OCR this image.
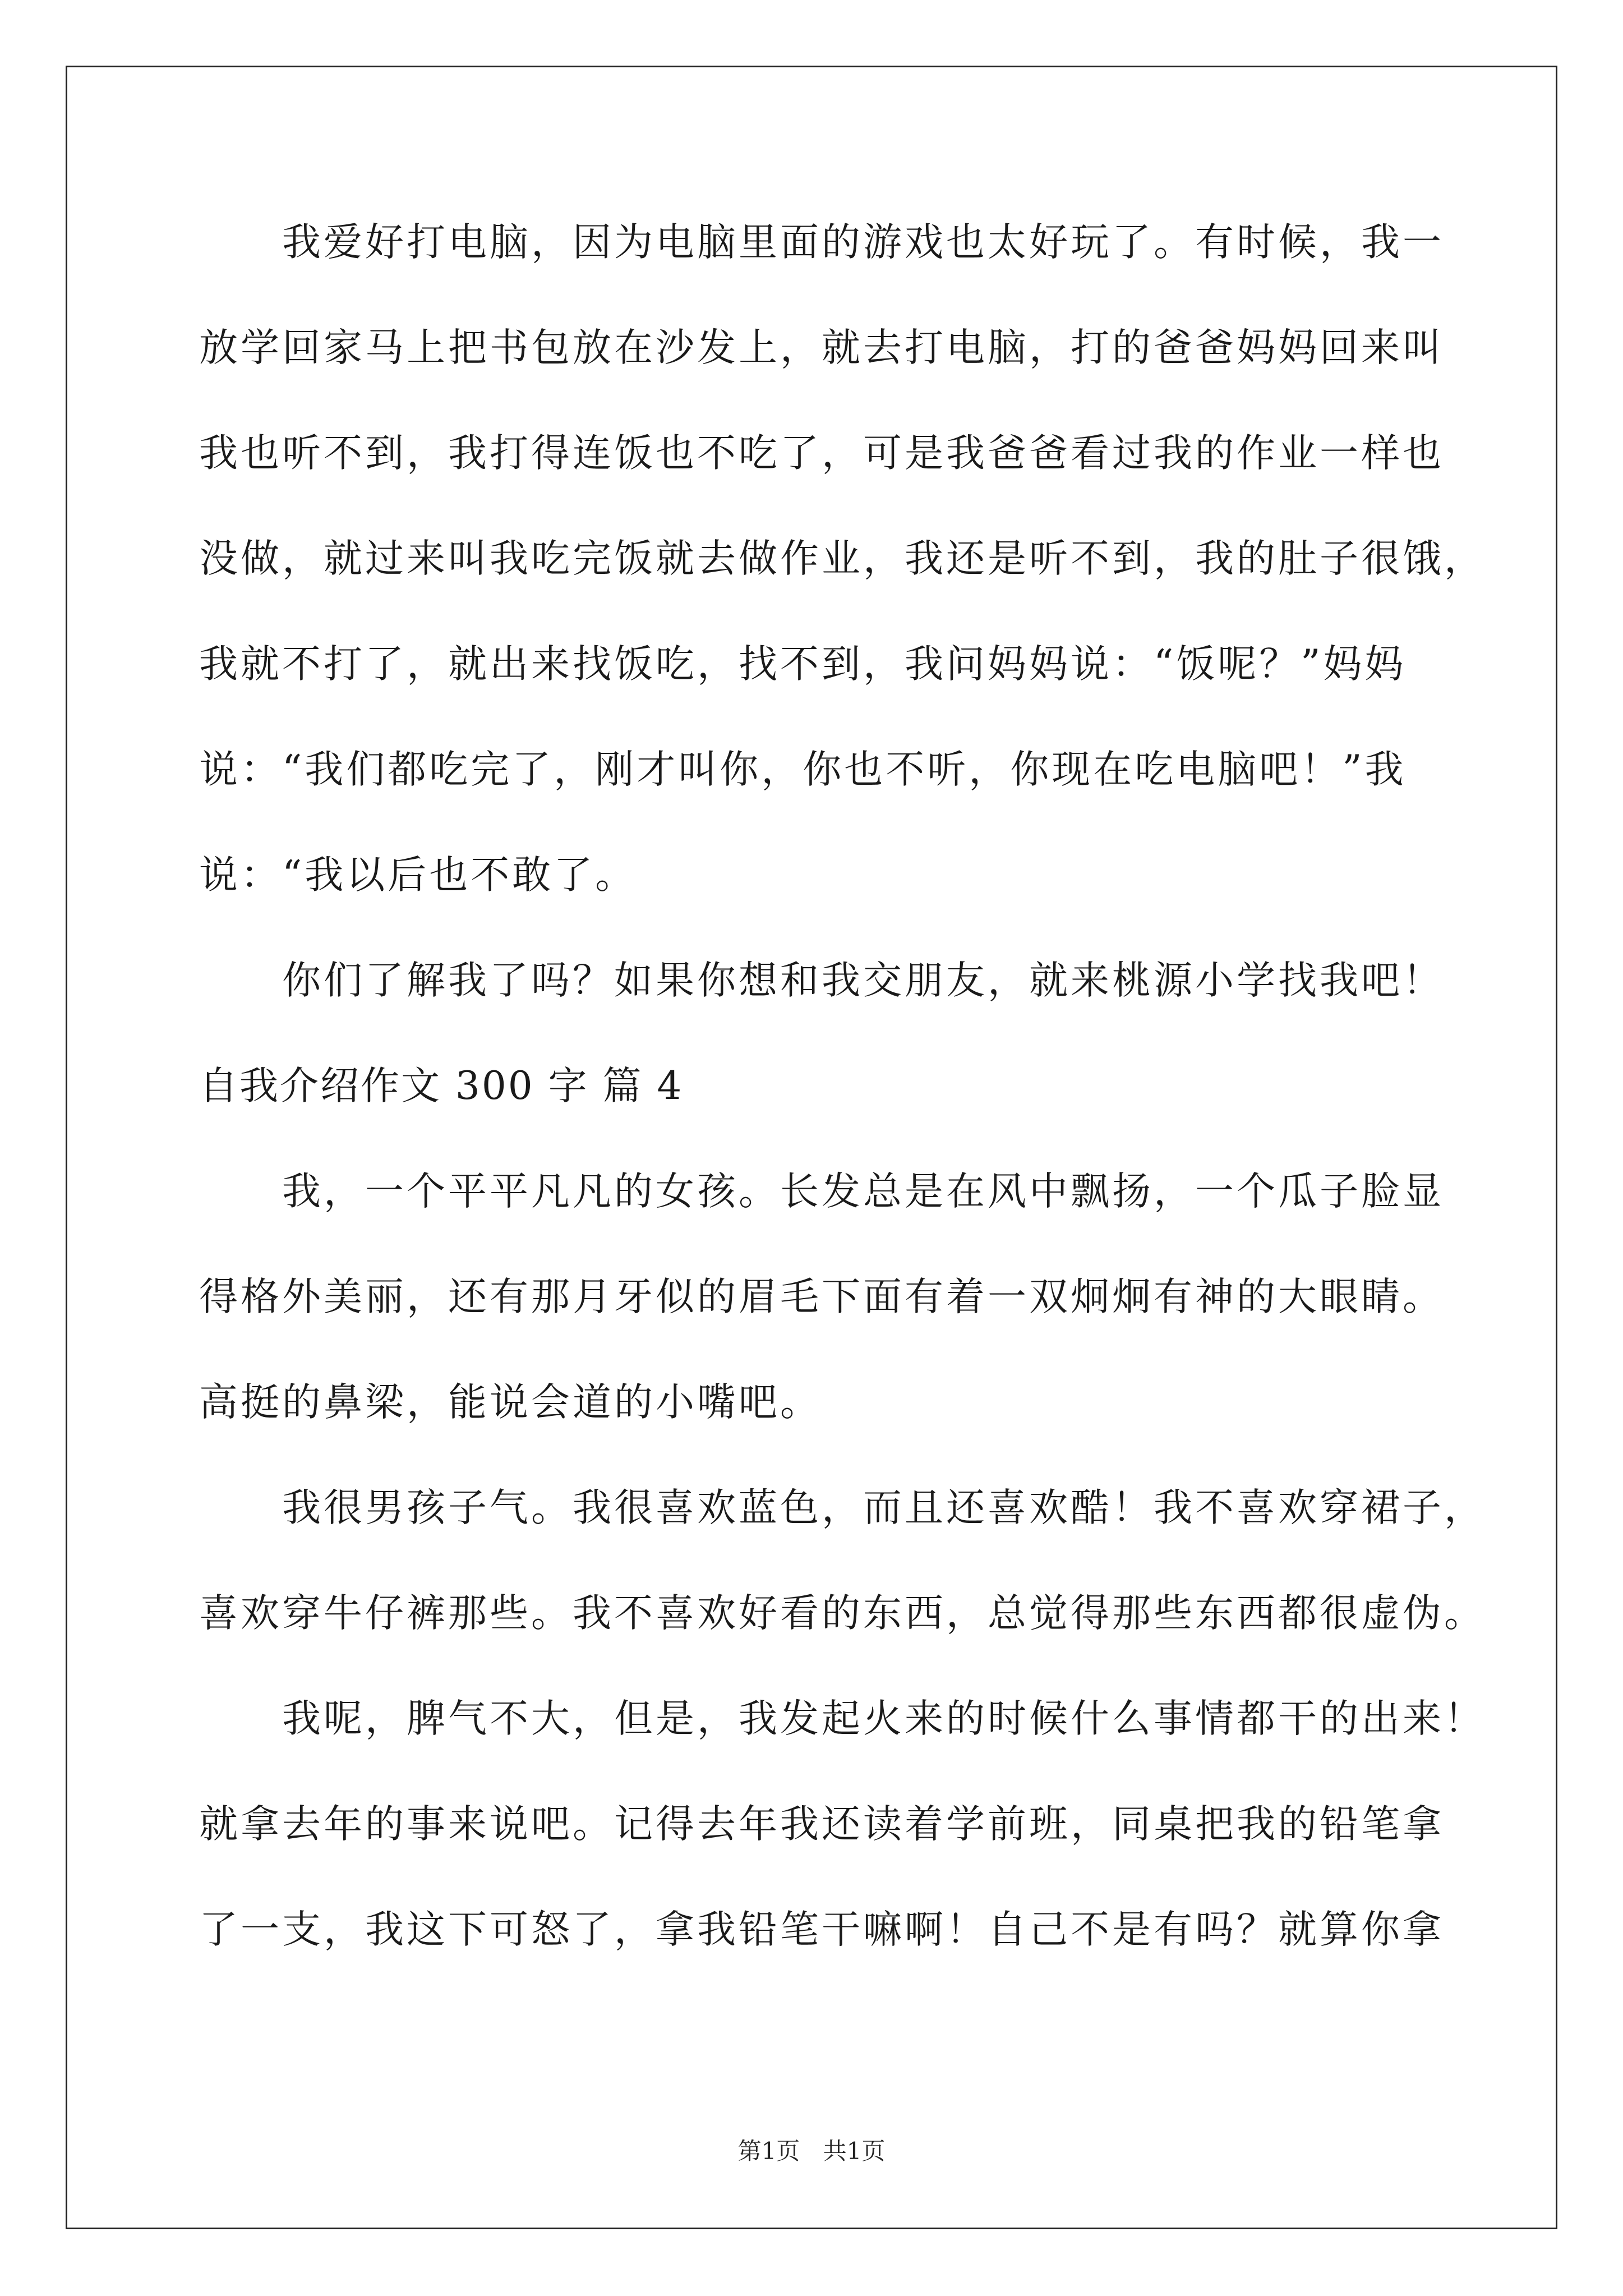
我爱好打电脑，因为电脑里面的游戏也太好玩了。有时候，我一
放学回家马上把书包放在沙发上，就去打电脑，打的爸爸妈妈回来叫
我也听不到，我打得连饭也不吃了，可是我爸爸看过我的作业一样也
没做，就过来叫我吃完饭就去做作业，我还是听不到，我的肚子很饿，
我就不打了，就出来找饭吃，找不到，我问妈妈说：“饭呢？”妈妈
说：“我们都吃完了，刚才叫你，你也不听，你现在吃电脑吧！”我
说：“我以后也不敢了。
你们了解我了吗？如果你想和我交朋友，就来桃源小学找我吧！
自我介绍作文 300 字 篇 4
我，一个平平凡凡的女孩。长发总是在风中飘扬，一个瓜子脸显
得格外美丽，还有那月牙似的眉毛下面有着一双炯炯有神的大眼睛。
高挺的鼻梁，能说会道的小嘴吧。
我很男孩子气。我很喜欢蓝色，而且还喜欢酷！我不喜欢穿裙子，
喜欢穿牛仔裤那些。我不喜欢好看的东西，总觉得那些东西都很虚伪。
我呢，脾气不大，但是，我发起火来的时候什么事情都干的出来！
就拿去年的事来说吧。记得去年我还读着学前班，同桌把我的铅笔拿
了一支，我这下可怒了，拿我铅笔干嘛啊！自己不是有吗？就算你拿
第1页 共1页
